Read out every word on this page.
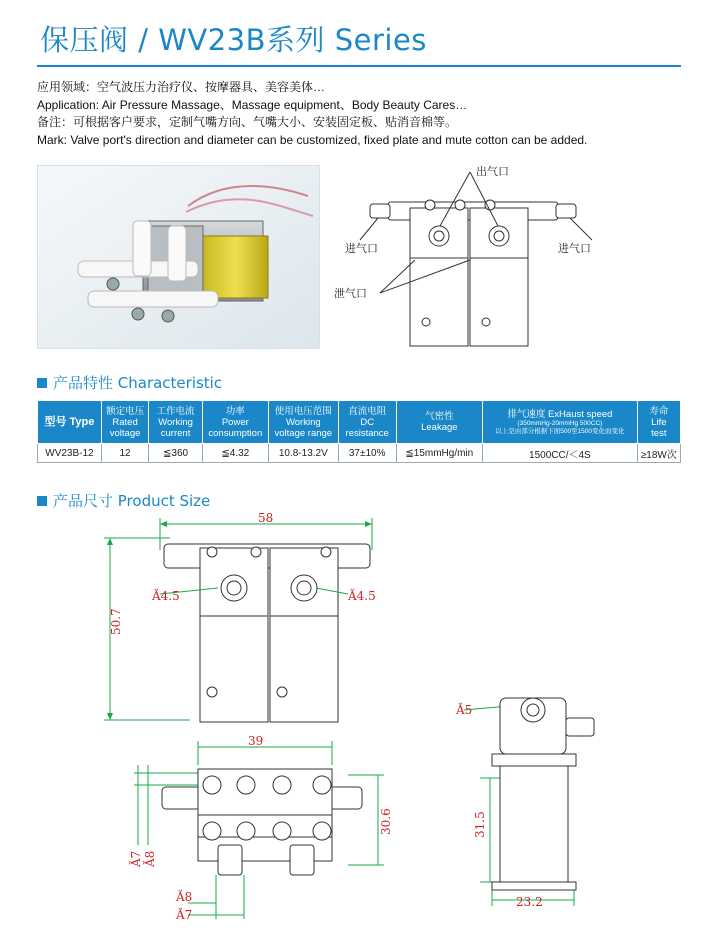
保压阀 / WV23B系列 Series
应用领域：空气波压力治疗仪、按摩器具、美容美体…
Application: Air Pressure Massage、Massage equipment、Body Beauty Cares…
备注：可根据客户要求，定制气嘴方向、气嘴大小、安装固定板、贴消音棉等。
Mark: Valve port's direction and diameter can be customized, fixed plate and mute cotton can be added.
出气口
进气口	进气口
泄气口
产品特性 Characteristic
型号 Type	额定电压
Rated
voltage	工作电流
Working
current	功率
Power
consumption	使用电压范围
Working
voltage range	直流电阻
DC
resistance	气密性
Leakage	排气速度 ExHaust speed
(350mmHg-20mmHg 500CC)
以上是由部分根据下面500至1500变化而变化	寿命
Life
test
WV23B-12	12	≦360	≦4.32	10.8-13.2V	37±10%	≦15mmHg/min	1500CC/＜4S	≥18W次
产品尺寸 Product Size
58
50.7
Ă4.5	Ă4.5
39
30.6
Ă7 Ă8
Ă8
Ă7
Ă5
31.5
23.2
